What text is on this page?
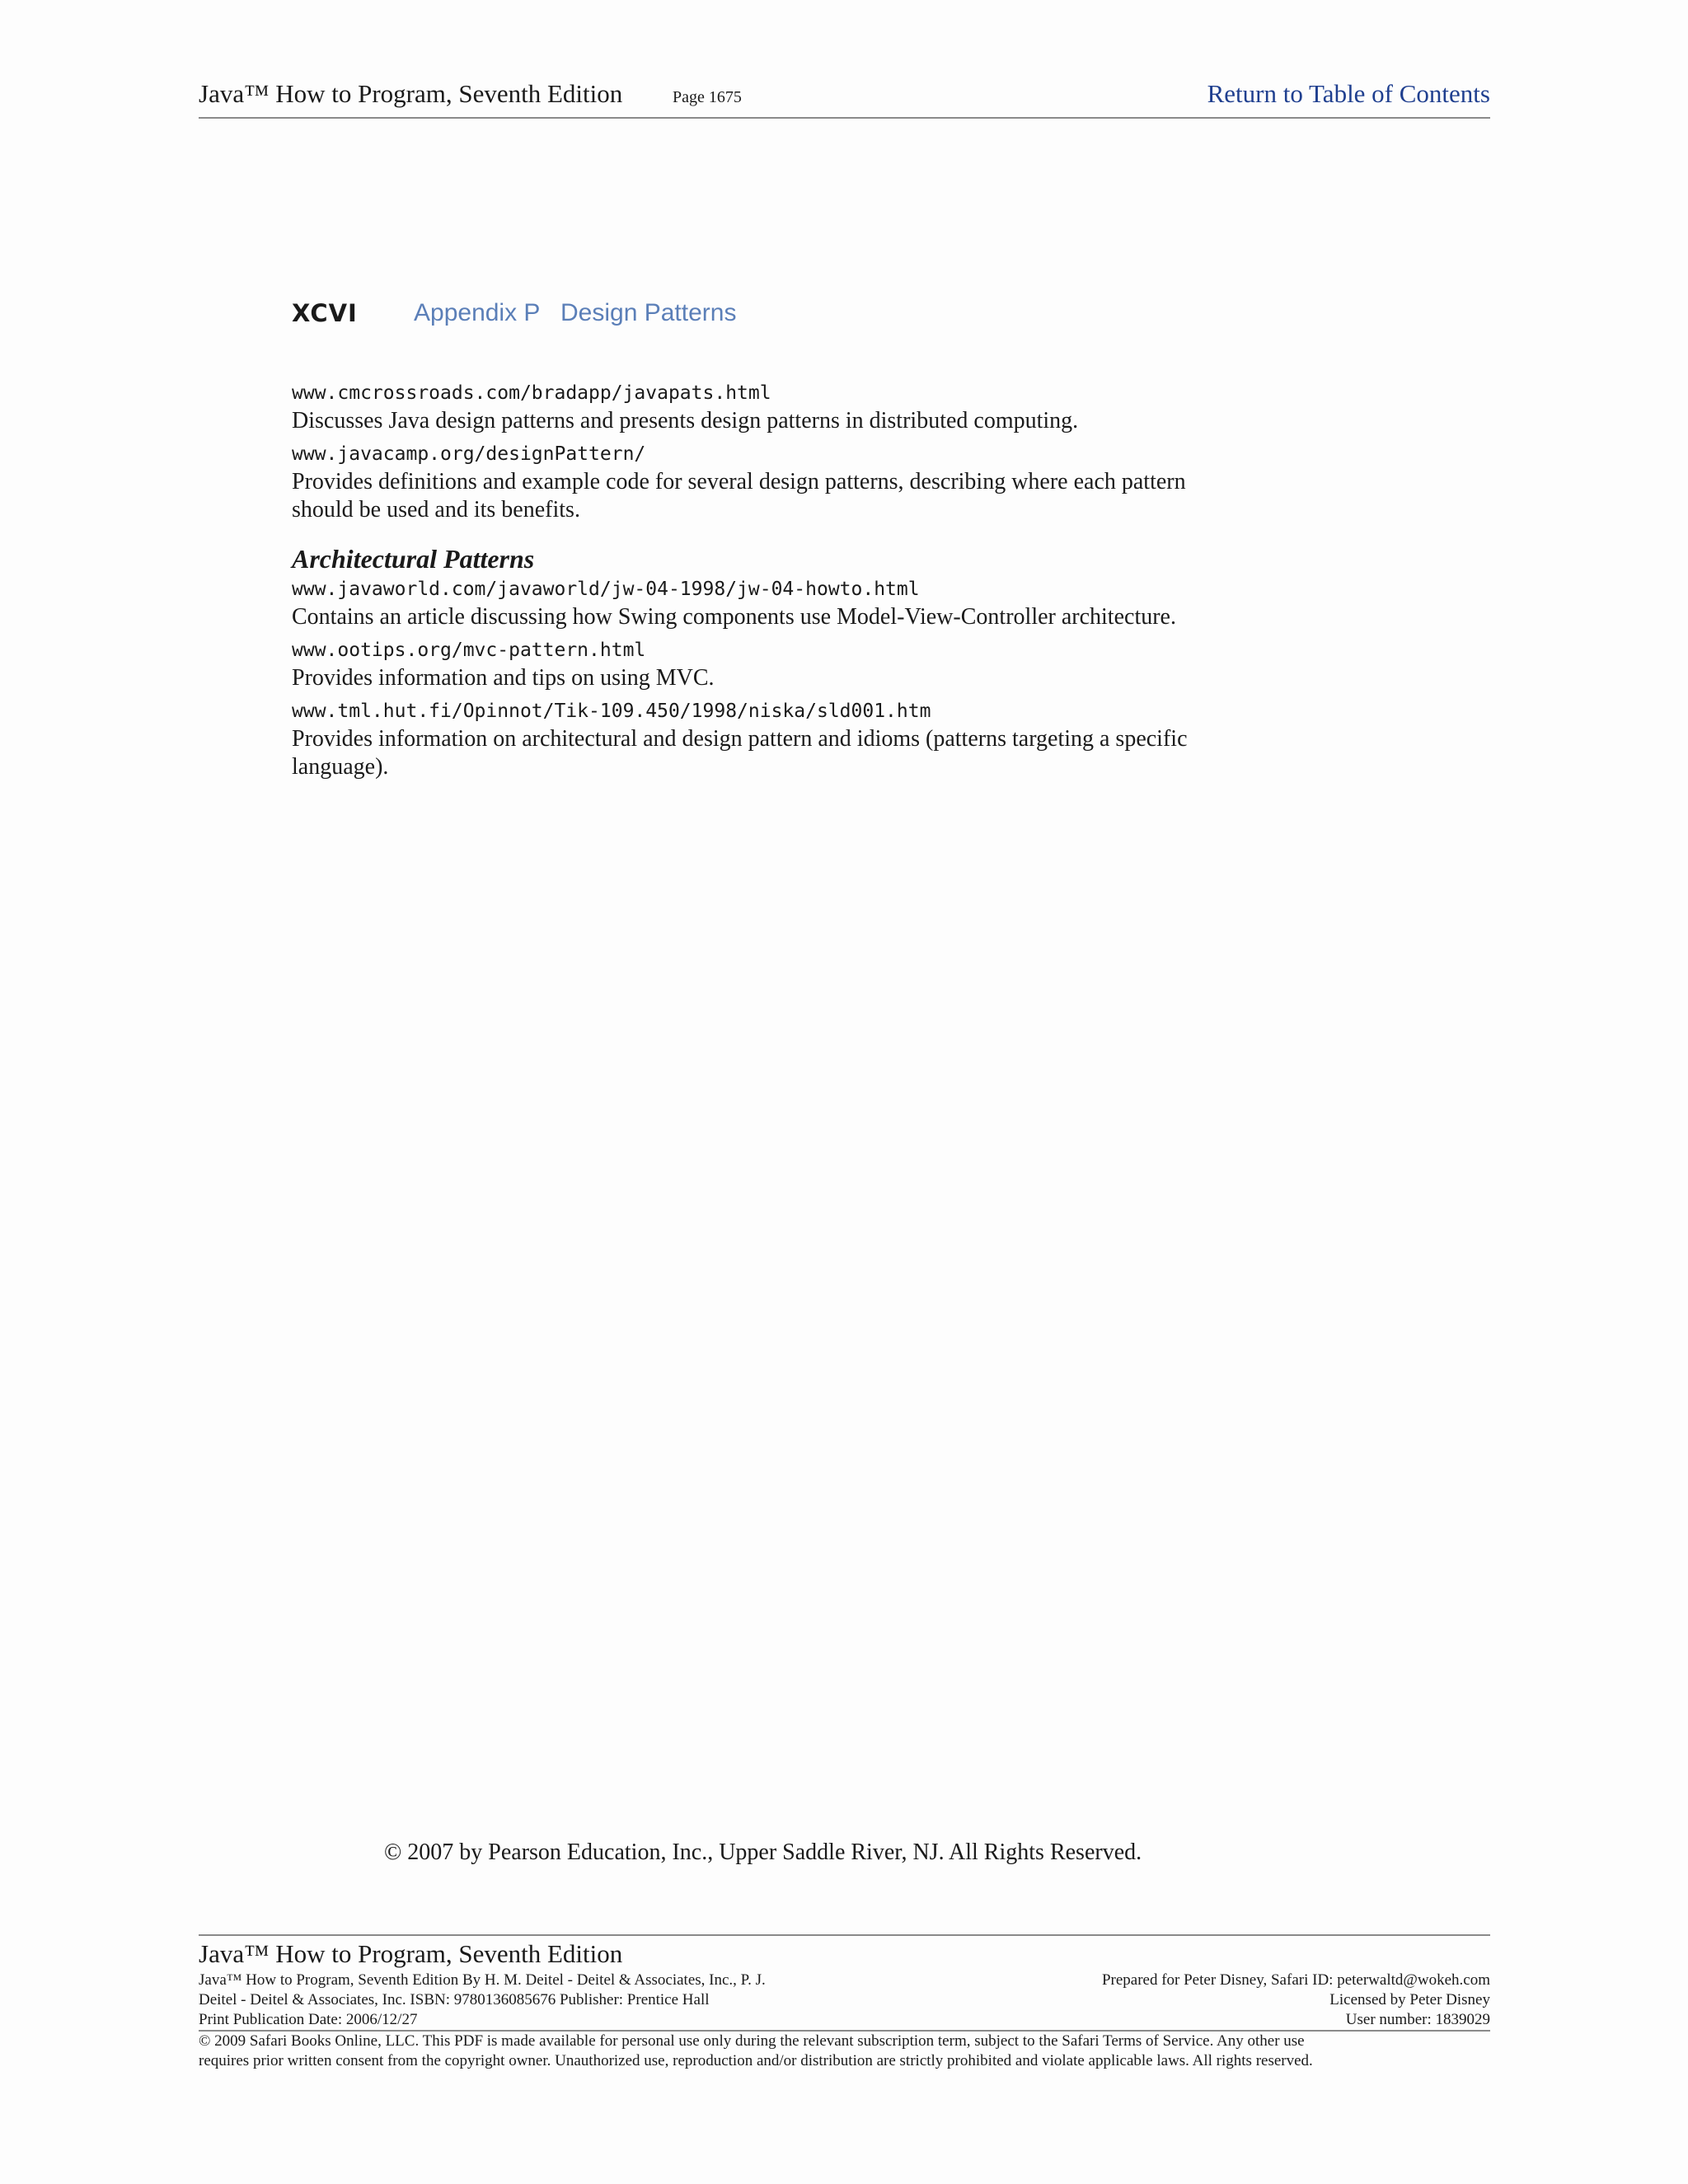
Java™ How to Program, Seventh Edition	Page 1675	Return to Table of Contents
XCVI Appendix P Design Patterns

www.cmcrossroads.com/bradapp/javapats.html

Discusses Java design patterns and presents design patterns in distributed computing.

www.javacamp.org/designPattern/

Provides definitions and example code for several design patterns, describing where each pattern should be used and its benefits.

Architectural Patterns

www.javaworld.com/javaworld/jw-04-1998/jw-04-howto.html

Contains an article discussing how Swing components use Model-View-Controller architecture.

www.ootips.org/mvc-pattern.html

Provides information and tips on using MVC.

www.tml.hut.fi/Opinnot/Tik-109.450/1998/niska/sld001.htm

Provides information on architectural and design pattern and idioms (patterns targeting a specific language).

© 2007 by Pearson Education, Inc., Upper Saddle River, NJ. All Rights Reserved.
Java™ How to Program, Seventh Edition
Java™ How to Program, Seventh Edition By H. M. Deitel - Deitel & Associates, Inc., P. J.	Prepared for Peter Disney, Safari ID: peterwaltd@wokeh.com
Deitel - Deitel & Associates, Inc. ISBN: 9780136085676 Publisher: Prentice Hall	Licensed by Peter Disney
Print Publication Date: 2006/12/27	User number: 1839029
© 2009 Safari Books Online, LLC. This PDF is made available for personal use only during the relevant subscription term, subject to the Safari Terms of Service. Any other use
requires prior written consent from the copyright owner. Unauthorized use, reproduction and/or distribution are strictly prohibited and violate applicable laws. All rights reserved.
